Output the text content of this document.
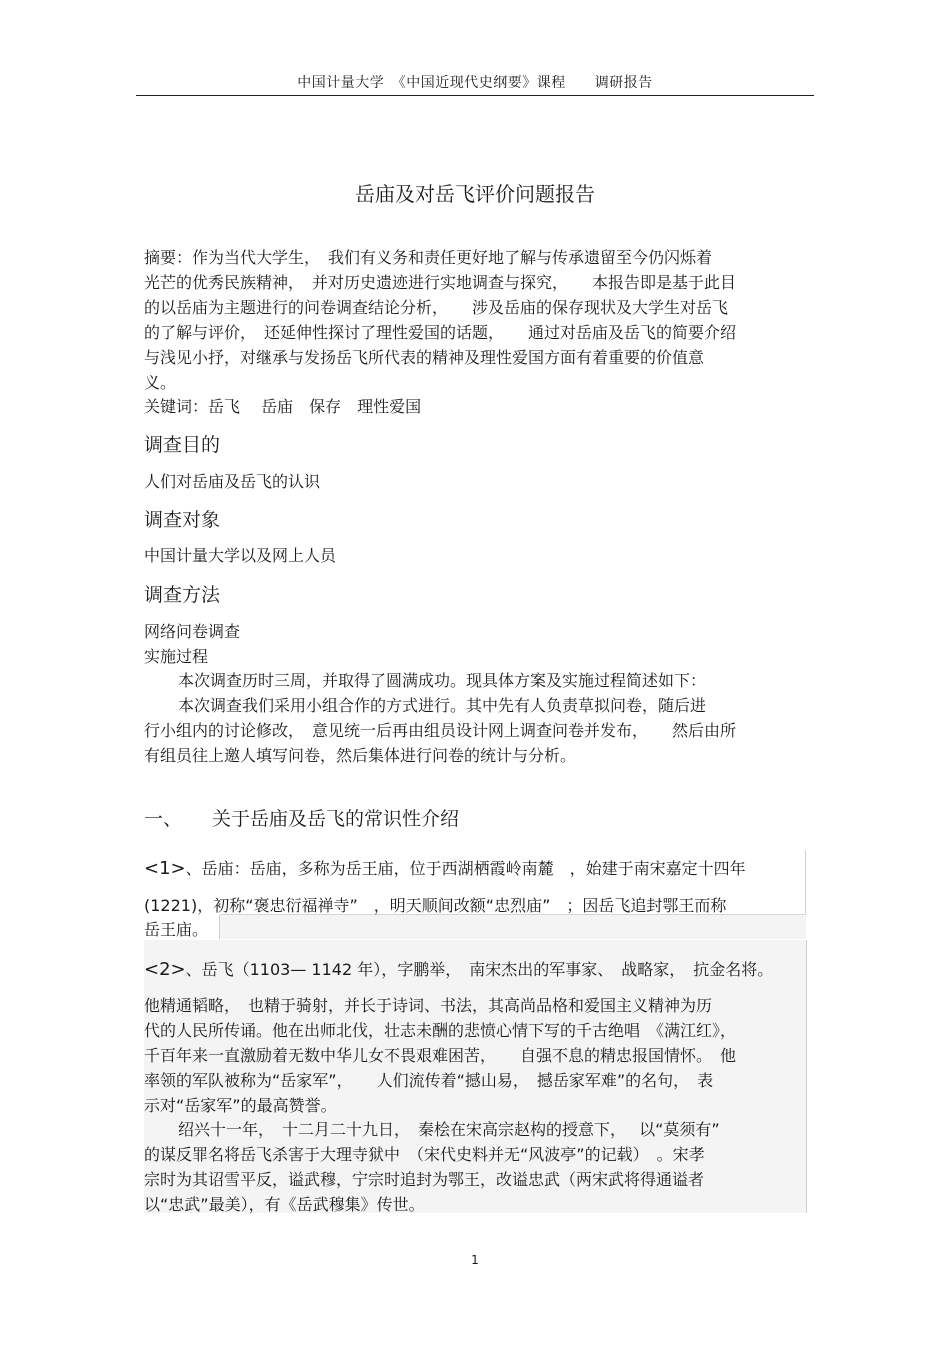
中国计量大学　《中国近现代史纲要》课程　　调研报告
岳庙及对岳飞评价问题报告
摘要：作为当代大学生，　我们有义务和责任更好地了解与传承遗留至今仍闪烁着
光芒的优秀民族精神，　并对历史遗迹进行实地调查与探究，　　本报告即是基于此目
的以岳庙为主题进行的问卷调查结论分析，　　涉及岳庙的保存现状及大学生对岳飞
的了解与评价，　还延伸性探讨了理性爱国的话题，　　通过对岳庙及岳飞的简要介绍
与浅见小抒，对继承与发扬岳飞所代表的精神及理性爱国方面有着重要的价值意
义。
关键词：岳飞　 岳庙　保存　理性爱国
调查目的
人们对岳庙及岳飞的认识
调查对象
中国计量大学以及网上人员
调查方法
网络问卷调查
实施过程
本次调查历时三周，并取得了圆满成功。现具体方案及实施过程简述如下：
本次调查我们采用小组合作的方式进行。其中先有人负责草拟问卷，随后进
行小组内的讨论修改，　意见统一后再由组员设计网上调查问卷并发布，　　然后由所
有组员往上邀人填写问卷，然后集体进行问卷的统计与分析。
一、 关于岳庙及岳飞的常识性介绍
<1>、岳庙：岳庙，多称为岳王庙，位于西湖栖霞岭南麓　，始建于南宋嘉定十四年
(1221)，初称“褒忠衍福禅寺”　，明天顺间改额“忠烈庙”　；因岳飞追封鄂王而称
岳王庙。
<2>、岳飞（1103— 1142 年），字鹏举，　南宋杰出的军事家、　战略家，　抗金名将。
他精通韬略，　也精于骑射，并长于诗词、书法，其高尚品格和爱国主义精神为历
代的人民所传诵。他在出师北伐，壮志未酬的悲愤心情下写的千古绝唱　《满江红》，
千百年来一直激励着无数中华儿女不畏艰难困苦，　　自强不息的精忠报国情怀。　他
率领的军队被称为“岳家军”，　　人们流传着“撼山易，　撼岳家军难”的名句，　表
示对“岳家军”的最高赞誉。
绍兴十一年，　十二月二十九日，　秦桧在宋高宗赵构的授意下，　 以“莫须有”
的谋反罪名将岳飞杀害于大理寺狱中　（宋代史料并无“风波亭”的记载）　。宋孝
宗时为其诏雪平反，谥武穆，宁宗时追封为鄂王，改谥忠武（两宋武将得通谥者
以“忠武”最美），有《岳武穆集》传世。
1
